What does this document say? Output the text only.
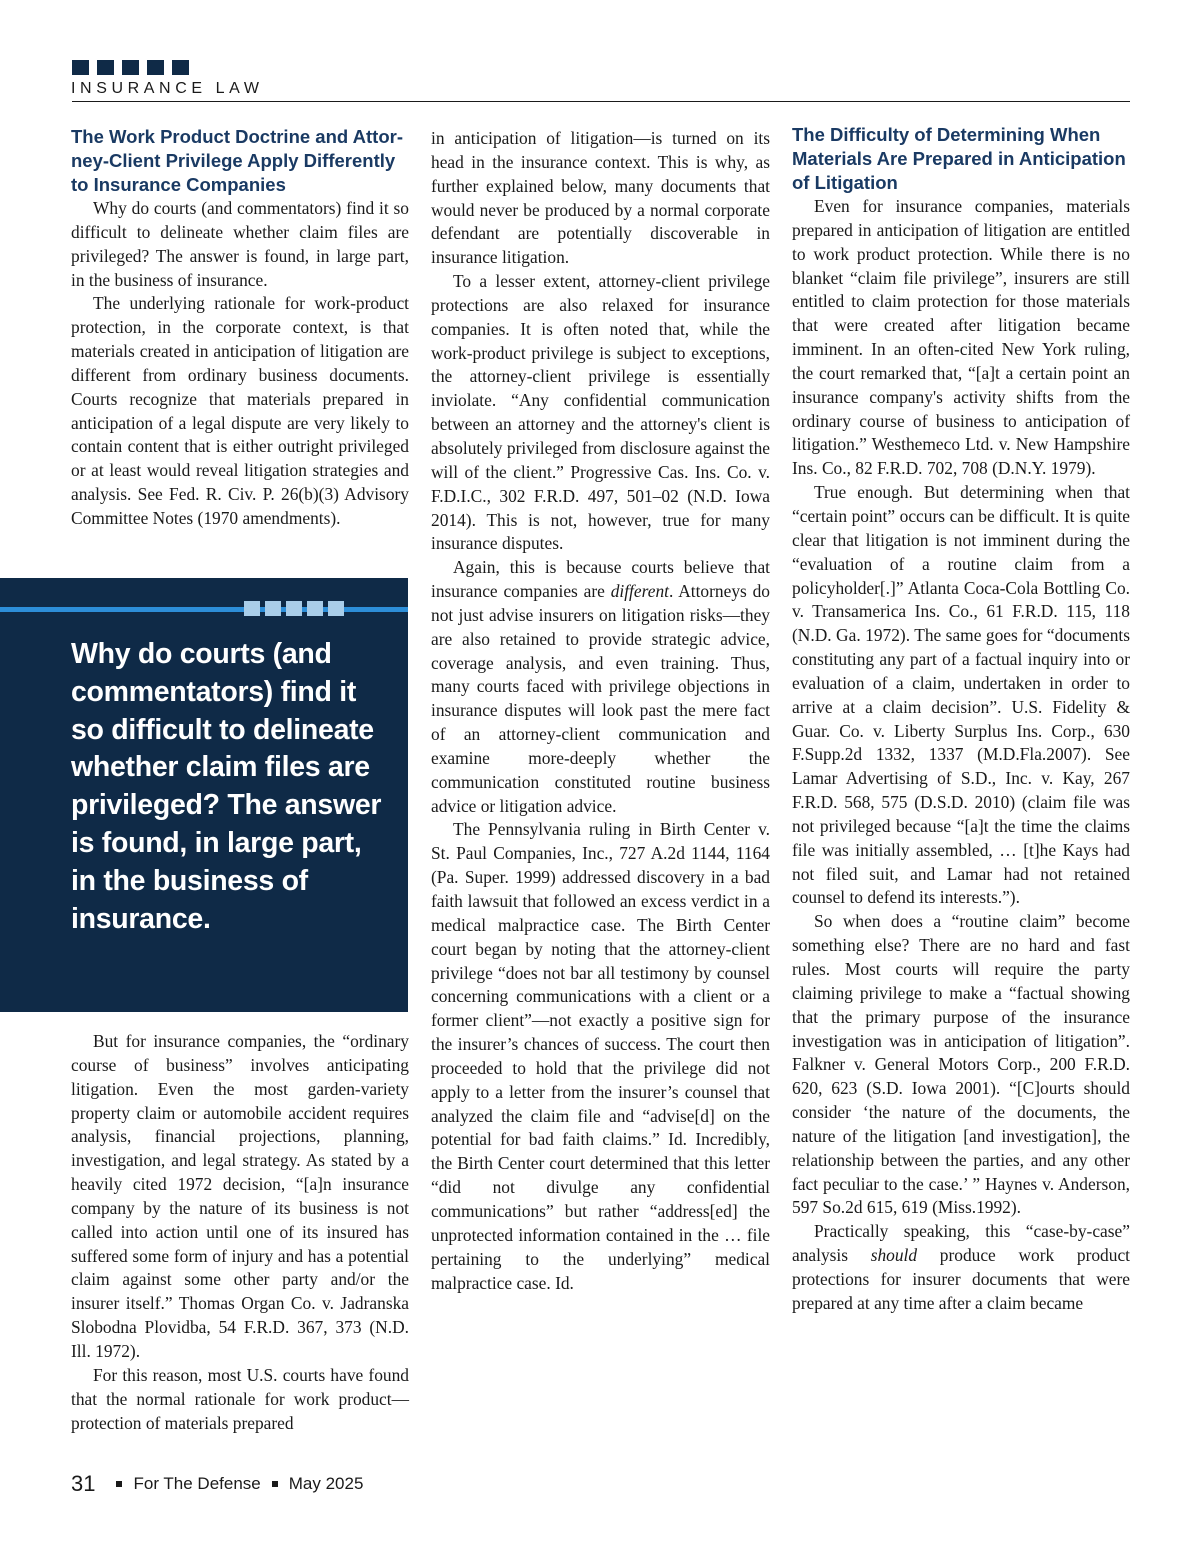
INSURANCE LAW

The Work Product Doctrine and Attor-ney-Client Privilege Apply Differently to Insurance Companies

Why do courts (and commentators) find it so difficult to delineate whether claim files are privileged? The answer is found, in large part, in the business of insurance.

The underlying rationale for work-product protection, in the corporate context, is that materials created in anticipation of litigation are different from ordinary business documents. Courts recognize that materials prepared in anticipation of a legal dispute are very likely to contain content that is either outright privileged or at least would reveal litigation strategies and analysis. See Fed. R. Civ. P. 26(b)(3) Advisory Committee Notes (1970 amendments).

Why do courts (and commentators) find it so difficult to delineate whether claim files are privileged? The answer is found, in large part, in the business of insurance.

But for insurance companies, the “ordinary course of business” involves anticipating litigation. Even the most garden-variety property claim or automobile accident requires analysis, financial projections, planning, investigation, and legal strategy. As stated by a heavily cited 1972 decision, “[a]n insurance company by the nature of its business is not called into action until one of its insured has suffered some form of injury and has a potential claim against some other party and/or the insurer itself.” Thomas Organ Co. v. Jadranska Slobodna Plovidba, 54 F.R.D. 367, 373 (N.D. Ill. 1972).

For this reason, most U.S. courts have found that the normal rationale for work product—protection of materials prepared

in anticipation of litigation—is turned on its head in the insurance context. This is why, as further explained below, many documents that would never be produced by a normal corporate defendant are potentially discoverable in insurance litigation.

To a lesser extent, attorney-client privilege protections are also relaxed for insurance companies. It is often noted that, while the work-product privilege is subject to exceptions, the attorney-client privilege is essentially inviolate. “Any confidential communication between an attorney and the attorney's client is absolutely privileged from disclosure against the will of the client.” Progressive Cas. Ins. Co. v. F.D.I.C., 302 F.R.D. 497, 501–02 (N.D. Iowa 2014). This is not, however, true for many insurance disputes.

Again, this is because courts believe that insurance companies are different. Attorneys do not just advise insurers on litigation risks—they are also retained to provide strategic advice, coverage analysis, and even training. Thus, many courts faced with privilege objections in insurance disputes will look past the mere fact of an attorney-client communication and examine more-deeply whether the communication constituted routine business advice or litigation advice.

The Pennsylvania ruling in Birth Center v. St. Paul Companies, Inc., 727 A.2d 1144, 1164 (Pa. Super. 1999) addressed discovery in a bad faith lawsuit that followed an excess verdict in a medical malpractice case. The Birth Center court began by noting that the attorney-client privilege “does not bar all testimony by counsel concerning communications with a client or a former client”—not exactly a positive sign for the insurer’s chances of success. The court then proceeded to hold that the privilege did not apply to a letter from the insurer’s counsel that analyzed the claim file and “advise[d] on the potential for bad faith claims.” Id. Incredibly, the Birth Center court determined that this letter “did not divulge any confidential communications” but rather “address[ed] the unprotected information contained in the … file pertaining to the underlying” medical malpractice case. Id.

The Difficulty of Determining When Materials Are Prepared in Anticipation of Litigation

Even for insurance companies, materials prepared in anticipation of litigation are entitled to work product protection. While there is no blanket “claim file privilege”, insurers are still entitled to claim protection for those materials that were created after litigation became imminent. In an often-cited New York ruling, the court remarked that, “[a]t a certain point an insurance company's activity shifts from the ordinary course of business to anticipation of litigation.” Westhemeco Ltd. v. New Hampshire Ins. Co., 82 F.R.D. 702, 708 (D.N.Y. 1979).

True enough. But determining when that “certain point” occurs can be difficult. It is quite clear that litigation is not imminent during the “evaluation of a routine claim from a policyholder[.]” Atlanta Coca-Cola Bottling Co. v. Transamerica Ins. Co., 61 F.R.D. 115, 118 (N.D. Ga. 1972). The same goes for “documents constituting any part of a factual inquiry into or evaluation of a claim, undertaken in order to arrive at a claim decision”. U.S. Fidelity & Guar. Co. v. Liberty Surplus Ins. Corp., 630 F.Supp.2d 1332, 1337 (M.D.Fla.2007). See Lamar Advertising of S.D., Inc. v. Kay, 267 F.R.D. 568, 575 (D.S.D. 2010) (claim file was not privileged because “[a]t the time the claims file was initially assembled, … [t]he Kays had not filed suit, and Lamar had not retained counsel to defend its interests.”).

So when does a “routine claim” become something else? There are no hard and fast rules. Most courts will require the party claiming privilege to make a “factual showing that the primary purpose of the insurance investigation was in anticipation of litigation”. Falkner v. General Motors Corp., 200 F.R.D. 620, 623 (S.D. Iowa 2001). “[C]ourts should consider ‘the nature of the documents, the nature of the litigation [and investigation], the relationship between the parties, and any other fact peculiar to the case.’ ” Haynes v. Anderson, 597 So.2d 615, 619 (Miss.1992).

Practically speaking, this “case-by-case” analysis should produce work product protections for insurer documents that were prepared at any time after a claim became

31 For The Defense May 2025
